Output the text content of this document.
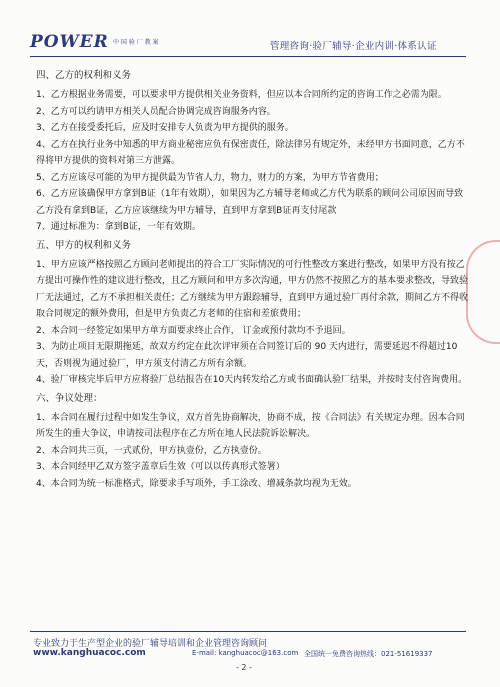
POWER 中 国 验 厂 教 案	管理咨询·验厂辅导·企业内训·体系认证
四、乙方的权利和义务
1、乙方根据业务需要，可以要求甲方提供相关业务资料，但应以本合同所约定的咨询工作之必需为限。
2、乙方可以约请甲方相关人员配合协调完成咨询服务内容。
3、乙方在接受委托后，应及时安排专人负责为甲方提供的服务。
4、乙方在执行业务中知悉的甲方商业秘密应负有保密责任，除法律另有规定外，未经甲方书面同意，乙方不得将甲方提供的资料对第三方泄露。
5、乙方应该尽可能的为甲方提供最为节省人力，物力，财力的方案，为甲方节省费用；
6、乙方应该确保甲方拿到B证（1年有效期），如果因为乙方辅导老师或乙方代为联系的顾问公司原因而导致乙方没有拿到B证，乙方应该继续为甲方辅导，直到甲方拿到B证再支付尾款
7、通过标准为：拿到B证，一年有效期。
五、甲方的权利和义务
1、甲方应该严格按照乙方顾问老师提出的符合工厂实际情况的可行性整改方案进行整改，如果甲方没有按乙方提出可操作性的建议进行整改，且乙方顾问和甲方多次沟通，甲方仍然不按照乙方的基本要求整改，导致验厂无法通过，乙方不承担相关责任；乙方继续为甲方跟踪辅导，直到甲方通过验厂再付余款，期间乙方不得收取合同规定的额外费用，但是甲方负责乙方老师的住宿和差旅费用；
2、本合同一经签定如果甲方单方面要求终止合作， 订金或预付款均不予退回。
3、为防止项目无限期拖延，故双方约定在此次评审须在合同签订后的 90 天内进行，需要延迟不得超过10天，否则视为通过验厂，甲方须支付清乙方所有余额。
4、验厂审核完毕后甲方应将验厂总结报告在10天内转发给乙方或书面确认验厂结果，并按时支付咨询费用。
六、争议处理：
1、本合同在履行过程中如发生争议，双方首先协商解决，协商不成，按《合同法》有关规定办理。因本合同所发生的重大争议，申请按司法程序在乙方所在地人民法院诉讼解决。
2、本合同共三页，一式贰份，甲方执壹份，乙方执壹份。
3、本合同经甲乙双方签字盖章后生效（可以以传真形式签署）
4、本合同为统一标准格式，除要求手写项外，手工涂改、增减条款均视为无效。
专业致力于生产型企业的验厂辅导培训和企业管理咨询顾问
www.kanghuacoc.com	E-mail: kanghuacoc@163.com 全国统一免费咨询热线：021-51619337
- 2 -
